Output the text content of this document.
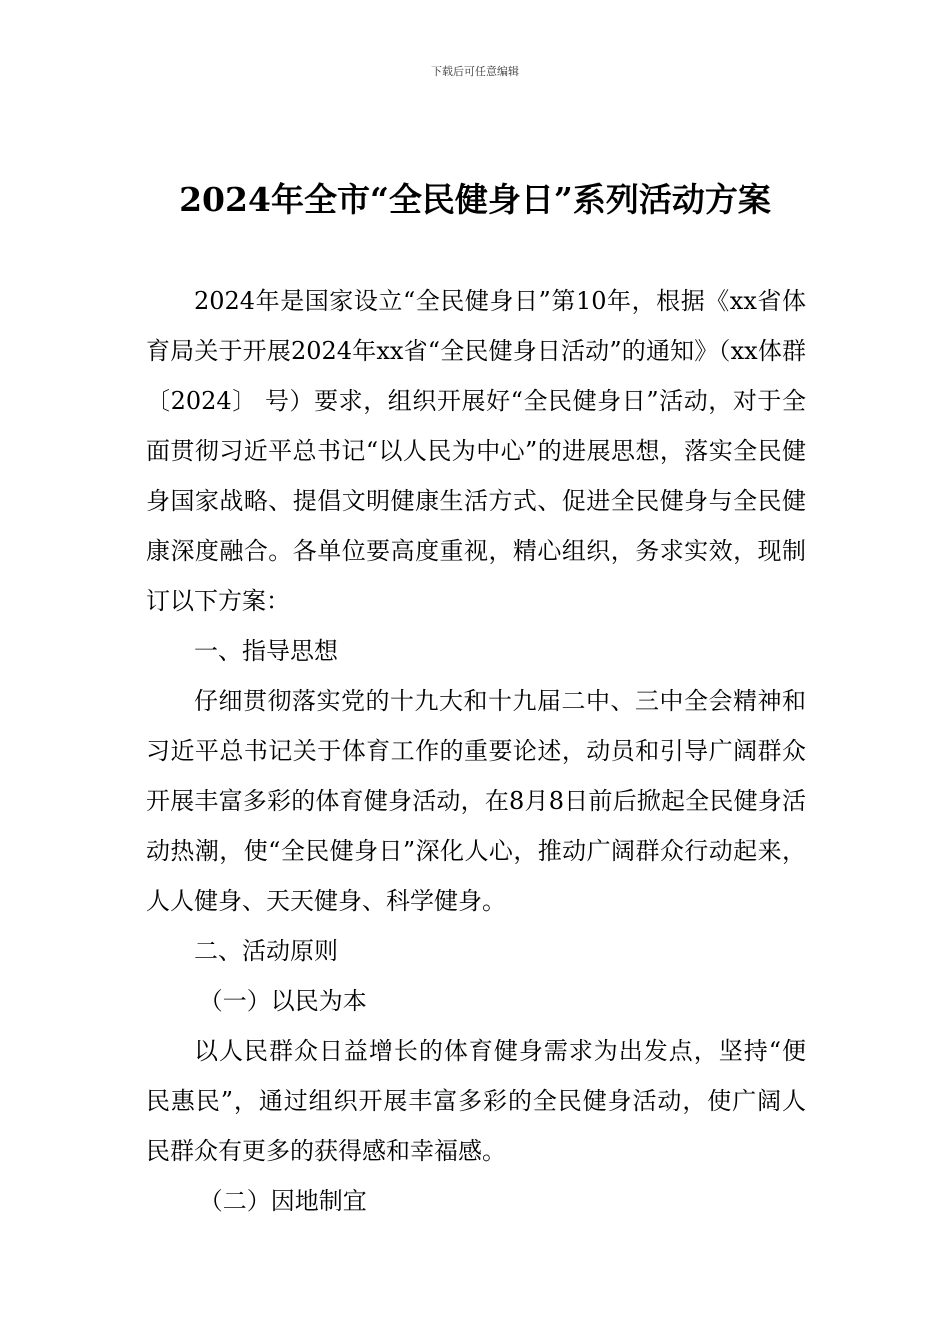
下载后可任意编辑
2024年全市“全民健身日”系列活动方案

2024年是国家设立“全民健身日”第10年，根据《xx省体育局关于开展2024年xx省“全民健身日活动”的通知》（xx体群〔2024〕 号）要求，组织开展好“全民健身日”活动，对于全面贯彻习近平总书记“以人民为中心”的进展思想，落实全民健身国家战略、提倡文明健康生活方式、促进全民健身与全民健康深度融合。各单位要高度重视，精心组织，务求实效，现制订以下方案：

一、指导思想

仔细贯彻落实党的十九大和十九届二中、三中全会精神和习近平总书记关于体育工作的重要论述，动员和引导广阔群众开展丰富多彩的体育健身活动，在8月8日前后掀起全民健身活动热潮，使“全民健身日”深化人心，推动广阔群众行动起来，人人健身、天天健身、科学健身。

二、活动原则

（一）以民为本

以人民群众日益增长的体育健身需求为出发点，坚持“便民惠民”，通过组织开展丰富多彩的全民健身活动，使广阔人民群众有更多的获得感和幸福感。

（二）因地制宜
